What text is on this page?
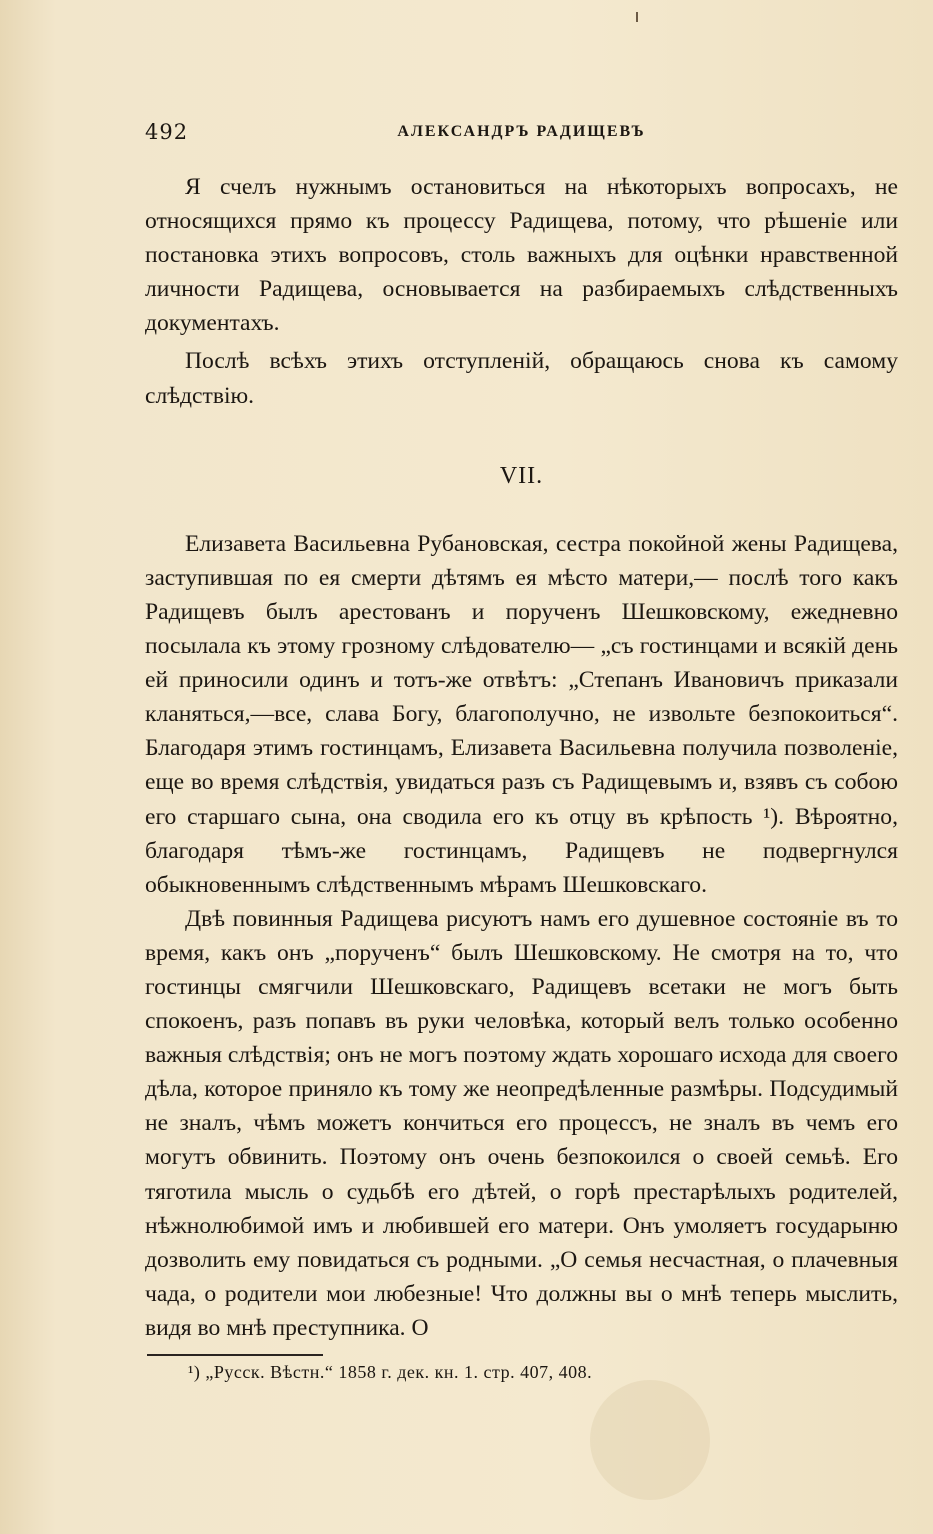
492	АЛЕКСАНДРЪ РАДИЩЕВЪ

Я счелъ нужнымъ остановиться на нѣкоторыхъ вопросахъ, не относящихся прямо къ процессу Радищева, потому, что рѣшеніе или постановка этихъ вопросовъ, столь важныхъ для оцѣнки нравственной личности Радищева, основывается на разбираемыхъ слѣдственныхъ документахъ.

Послѣ всѣхъ этихъ отступленій, обращаюсь снова къ самому слѣдствію.

VII.

Елизавета Васильевна Рубановская, сестра покойной жены Радищева, заступившая по ея смерти дѣтямъ ея мѣсто матери,— послѣ того какъ Радищевъ былъ арестованъ и порученъ Шешковскому, ежедневно посылала къ этому грозному слѣдователю— „съ гостинцами и всякій день ей приносили одинъ и тотъ-же отвѣтъ: „Степанъ Ивановичъ приказали кланяться,—все, слава Богу, благополучно, не извольте безпокоиться“. Благодаря этимъ гостинцамъ, Елизавета Васильевна получила позволеніе, еще во время слѣдствія, увидаться разъ съ Радищевымъ и, взявъ съ собою его старшаго сына, она сводила его къ отцу въ крѣпость ¹). Вѣроятно, благодаря тѣмъ-же гостинцамъ, Радищевъ не подвергнулся обыкновеннымъ слѣдственнымъ мѣрамъ Шешковскаго.

Двѣ повинныя Радищева рисуютъ намъ его душевное состояніе въ то время, какъ онъ „порученъ“ былъ Шешковскому. Не смотря на то, что гостинцы смягчили Шешковскаго, Радищевъ всетаки не могъ быть спокоенъ, разъ попавъ въ руки человѣка, который велъ только особенно важныя слѣдствія; онъ не могъ поэтому ждать хорошаго исхода для своего дѣла, которое приняло къ тому же неопредѣленные размѣры. Подсудимый не зналъ, чѣмъ можетъ кончиться его процессъ, не зналъ въ чемъ его могутъ обвинить. Поэтому онъ очень безпокоился о своей семьѣ. Его тяготила мысль о судьбѣ его дѣтей, о горѣ престарѣлыхъ родителей, нѣжнолюбимой имъ и любившей его матери. Онъ умоляетъ государыню дозволить ему повидаться съ родными. „О семья несчастная, о плачевныя чада, о родители мои любезные! Что должны вы о мнѣ теперь мыслить, видя во мнѣ преступника. О

¹) „Русск. Вѣстн.“ 1858 г. дек. кн. 1. стр. 407, 408.
